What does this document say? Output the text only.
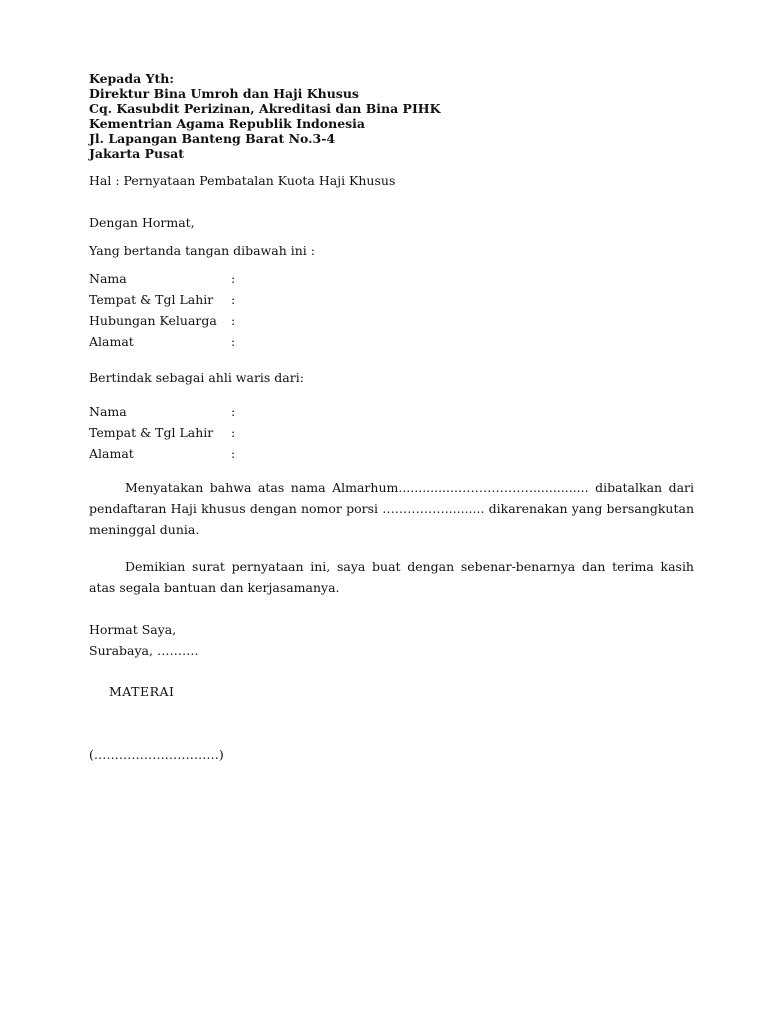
Kepada Yth:
Direktur Bina Umroh dan Haji Khusus
Cq. Kasubdit Perizinan, Akreditasi dan Bina PIHK
Kementrian Agama Republik Indonesia
Jl. Lapangan Banteng Barat No.3-4
Jakarta Pusat
Hal : Pernyataan Pembatalan Kuota Haji Khusus
Dengan Hormat,
Yang bertanda tangan dibawah ini :
Nama	:
Tempat & Tgl Lahir :
Hubungan Keluarga :
Alamat	:
Bertindak sebagai ahli waris dari:
Nama	:
Tempat & Tgl Lahir :
Alamat	:
Menyatakan bahwa atas nama Almarhum...............……………….............. dibatalkan dari pendaftaran Haji khusus dengan nomor porsi …………….......... dikarenakan yang bersangkutan meninggal dunia.
Demikian surat pernyataan ini, saya buat dengan sebenar-benarnya dan terima kasih atas segala bantuan dan kerjasamanya.
Hormat Saya,
Surabaya, ……….
MATERAI
(…………………………)
